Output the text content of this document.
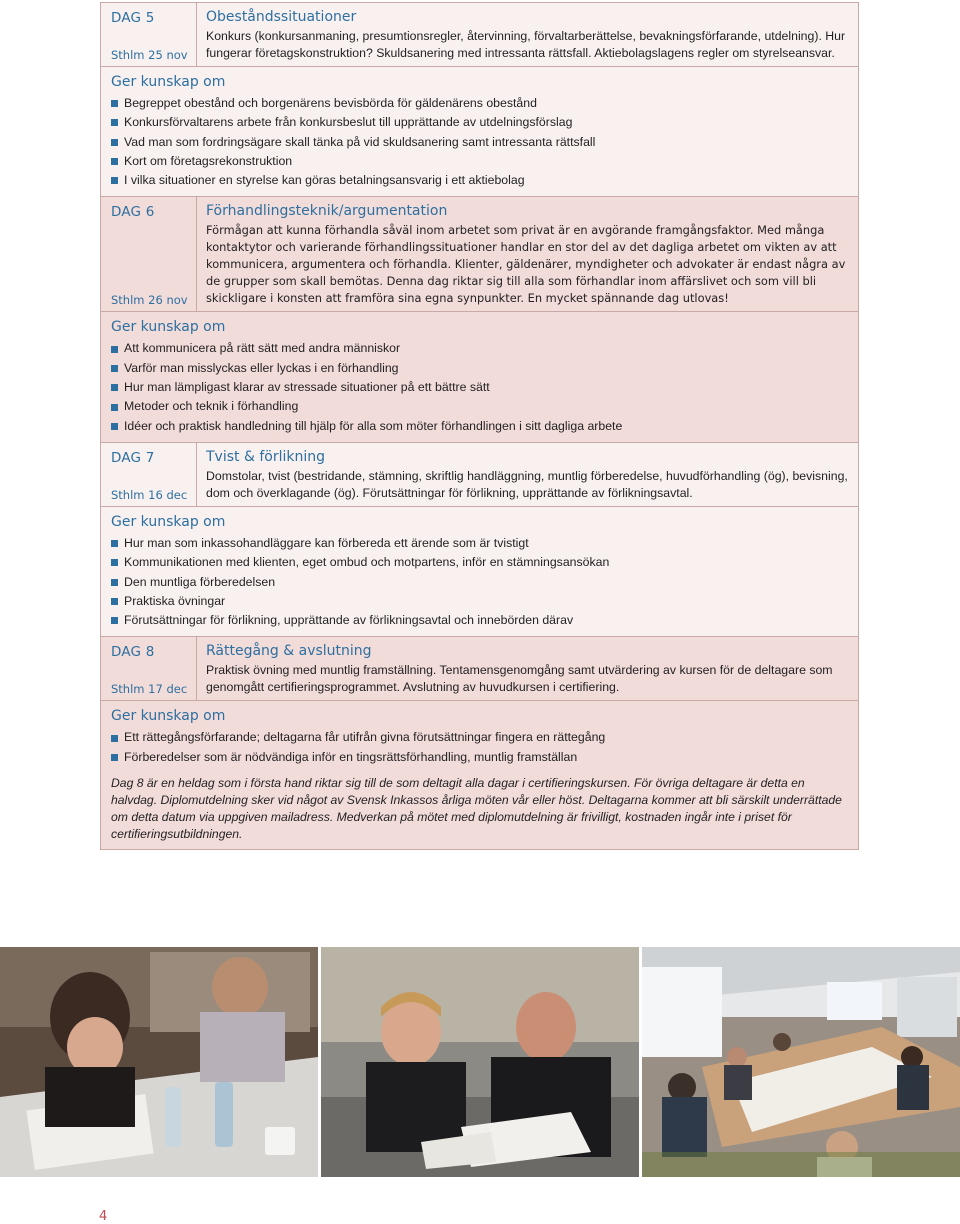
DAG 5
Sthlm 25 nov
Obeståndssituationer
Konkurs (konkursanmaning, presumtionsregler, återvinning, förvaltarberättelse, bevakningsförfarande, utdelning). Hur fungerar företagskonstruktion? Skuldsanering med intressanta rättsfall. Aktiebolagslagens regler om styrelseansvar.
Ger kunskap om
Begreppet obestånd och borgenärens bevisbörda för gäldenärens obestånd
Konkursförvaltarens arbete från konkursbeslut till upprättande av utdelningsförslag
Vad man som fordringsägare skall tänka på vid skuldsanering samt intressanta rättsfall
Kort om företagsrekonstruktion
I vilka situationer en styrelse kan göras betalningsansvarig i ett aktiebolag
DAG 6
Sthlm 26 nov
Förhandlingsteknik/argumentation
Förmågan att kunna förhandla såväl inom arbetet som privat är en avgörande framgångsfaktor. Med många kontaktytor och varierande förhandlingssituationer handlar en stor del av det dagliga arbetet om vikten av att kommunicera, argumentera och förhandla. Klienter, gäldenärer, myndigheter och advokater är endast några av de grupper som skall bemötas. Denna dag riktar sig till alla som förhandlar inom affärslivet och som vill bli skickligare i konsten att framföra sina egna synpunkter. En mycket spännande dag utlovas!
Ger kunskap om
Att kommunicera på rätt sätt med andra människor
Varför man misslyckas eller lyckas i en förhandling
Hur man lämpligast klarar av stressade situationer på ett bättre sätt
Metoder och teknik i förhandling
Idéer och praktisk handledning till hjälp för alla som möter förhandlingen i sitt dagliga arbete
DAG 7
Sthlm 16 dec
Tvist & förlikning
Domstolar, tvist (bestridande, stämning, skriftlig handläggning, muntlig förberedelse, huvudförhandling (ög), bevisning, dom och överklagande (ög). Förutsättningar för förlikning, upprättande av förlikningsavtal.
Ger kunskap om
Hur man som inkassohandläggare kan förbereda ett ärende som är tvistigt
Kommunikationen med klienten, eget ombud och motpartens, inför en stämningsansökan
Den muntliga förberedelsen
Praktiska övningar
Förutsättningar för förlikning, upprättande av förlikningsavtal och innebörden därav
DAG 8
Sthlm 17 dec
Rättegång & avslutning
Praktisk övning med muntlig framställning. Tentamensgenomgång samt utvärdering av kursen för de deltagare som genomgått certifieringsprogrammet. Avslutning av huvudkursen i certifiering.
Ger kunskap om
Ett rättegångsförfarande; deltagarna får utifrån givna förutsättningar fingera en rättegång
Förberedelser som är nödvändiga inför en tingsrättsförhandling, muntlig framställan
Dag 8 är en heldag som i första hand riktar sig till de som deltagit alla dagar i certifieringskursen. För övriga deltagare är detta en halvdag. Diplomutdelning sker vid något av Svensk Inkassos årliga möten vår eller höst. Deltagarna kommer att bli särskilt underrättade om detta datum via uppgiven mailadress. Medverkan på mötet med diplomutdelning är frivilligt, kostnaden ingår inte i priset för certifieringsutbildningen.
4
